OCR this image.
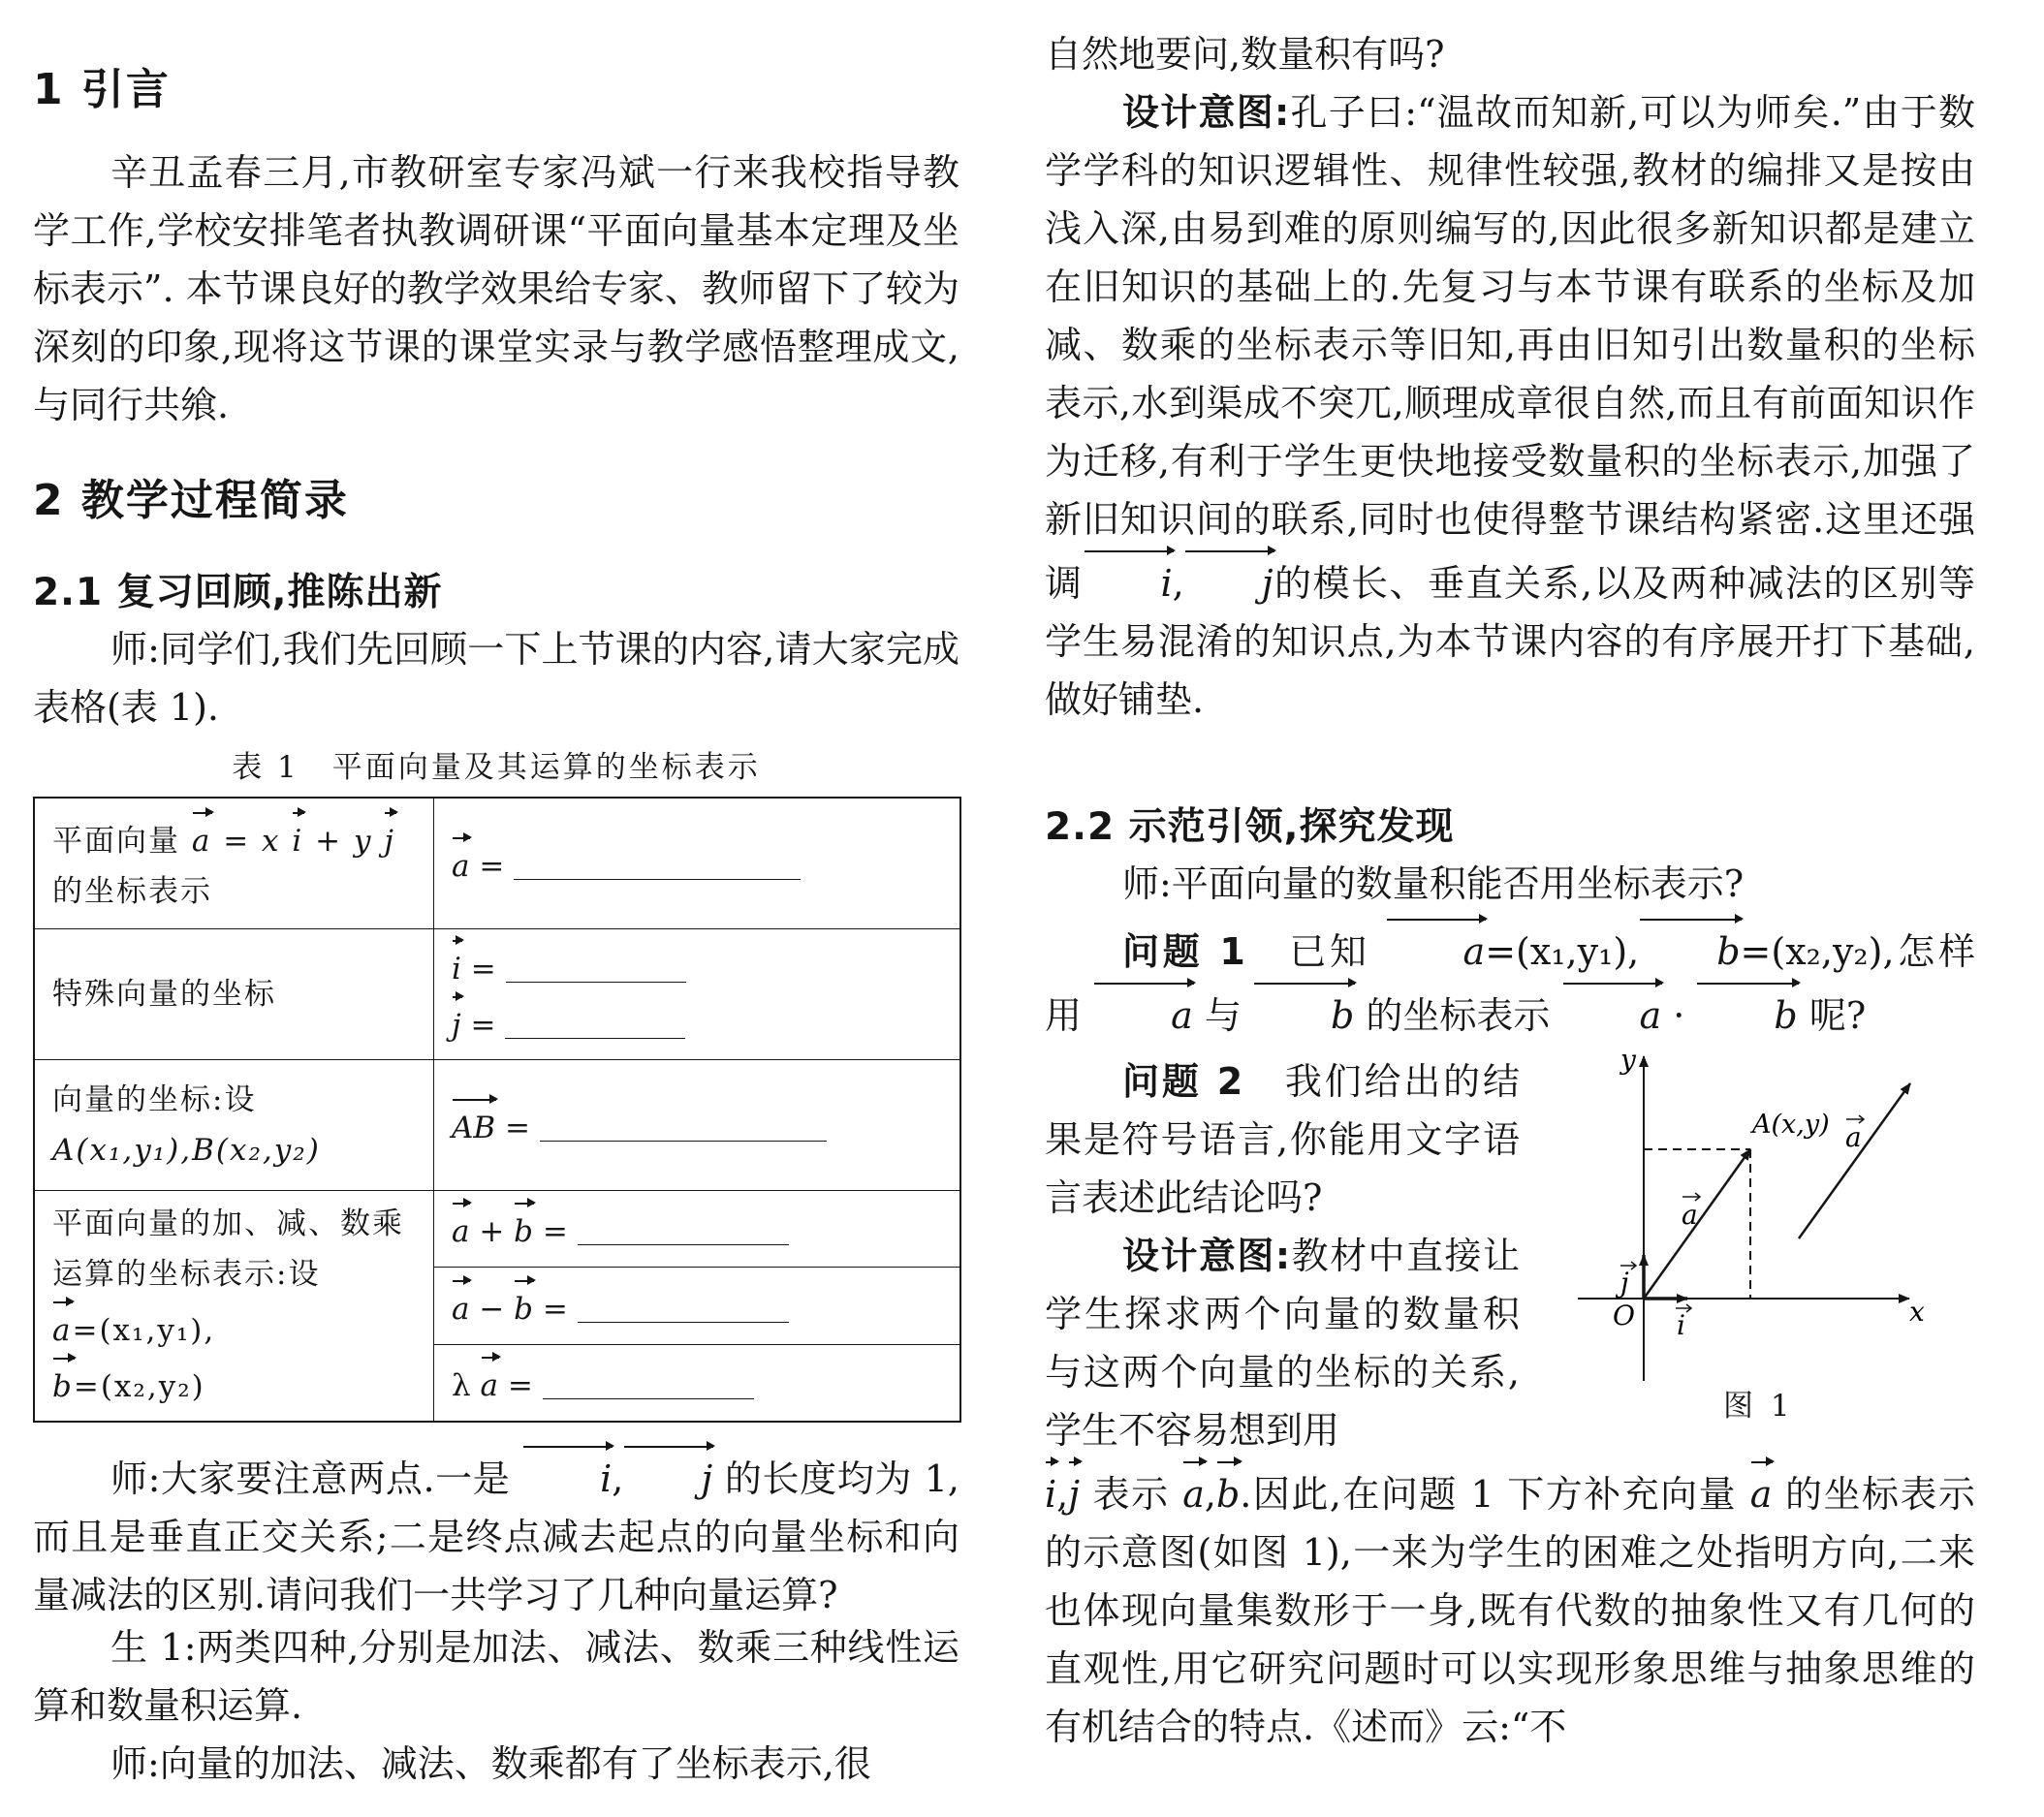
1 引言

辛丑孟春三月,市教研室专家冯斌一行来我校指导教学工作,学校安排笔者执教调研课“平面向量基本定理及坐标表示”. 本节课良好的教学效果给专家、教师留下了较为深刻的印象,现将这节课的课堂实录与教学感悟整理成文,与同行共飨.

2 教学过程简录
2.1 复习回顾,推陈出新

师:同学们,我们先回顾一下上节课的内容,请大家完成表格(表 1).

表 1　平面向量及其运算的坐标表示
平面向量 a = x i + y j
的坐标表示	a =
特殊向量的坐标	i =
j =
向量的坐标:设
A(x₁,y₁),B(x₂,y₂)	AB =
平面向量的加、减、数乘运算的坐标表示:设
a=(x₁,y₁),
b=(x₂,y₂)	a + b =
	a − b =
	λ a =

师:大家要注意两点.一是 i, j 的长度均为 1,而且是垂直正交关系;二是终点减去起点的向量坐标和向量减法的区别.请问我们一共学习了几种向量运算?

生 1:两类四种,分别是加法、减法、数乘三种线性运算和数量积运算.

师:向量的加法、减法、数乘都有了坐标表示,很

自然地要问,数量积有吗?

设计意图:孔子曰:“温故而知新,可以为师矣.”由于数学学科的知识逻辑性、规律性较强,教材的编排又是按由浅入深,由易到难的原则编写的,因此很多新知识都是建立在旧知识的基础上的.先复习与本节课有联系的坐标及加减、数乘的坐标表示等旧知,再由旧知引出数量积的坐标表示,水到渠成不突兀,顺理成章很自然,而且有前面知识作为迁移,有利于学生更快地接受数量积的坐标表示,加强了新旧知识间的联系,同时也使得整节课结构紧密.这里还强调 i, j的模长、垂直关系,以及两种减法的区别等学生易混淆的知识点,为本节课内容的有序展开打下基础,做好铺垫.

2.2 示范引领,探究发现

师:平面向量的数量积能否用坐标表示?

问题 1　 已知	a=(x₁,y₁), b=(x₂,y₂),怎样用 a 与 b 的坐标表示 a · b 呢?

问题 2　 我们给出的结果是符号语言,你能用文字语言表述此结论吗?

设计意图:教材中直接让学生探求两个向量的数量积与这两个向量的坐标的关系,学生不容易想到用

i,j 表示 a,b.因此,在问题 1 下方补充向量 a 的坐标表示的示意图(如图 1),一来为学生的困难之处指明方向,二来也体现向量集数形于一身,既有代数的抽象性又有几何的直观性,用它研究问题时可以实现形象思维与抽象思维的有机结合的特点.《述而》云:“不

y
x
O
A(x,y)
a
a
i
j
图 1
